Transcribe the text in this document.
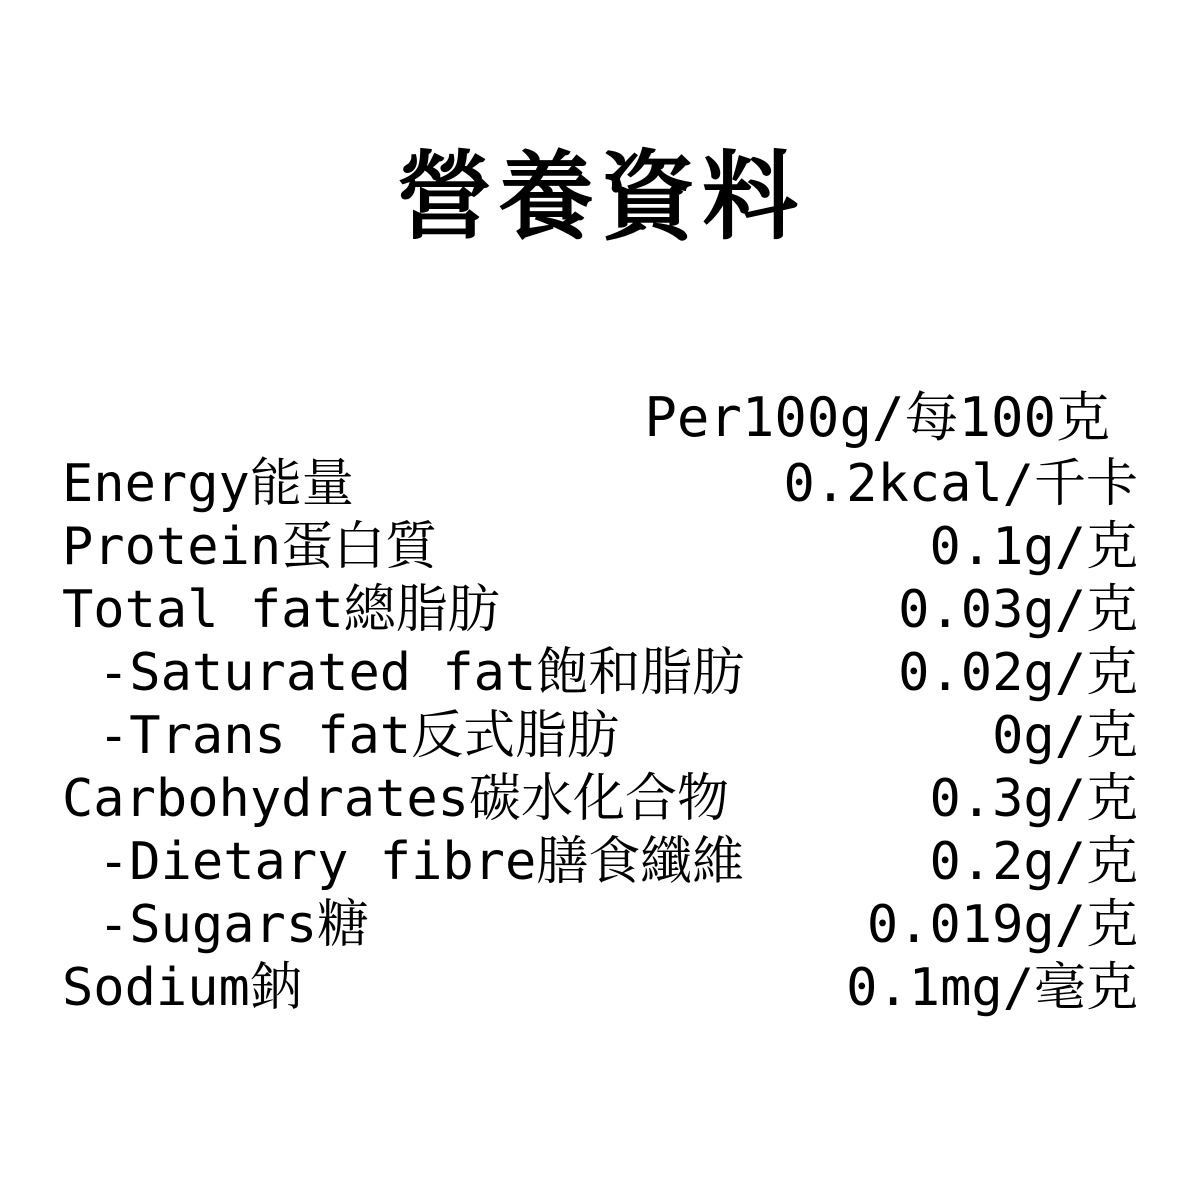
營養資料
Per100g/每100克
Energy能量	0.2kcal/千卡
Protein蛋白質	0.1g/克
Total fat總脂肪	0.03g/克
-Saturated fat飽和脂肪	0.02g/克
-Trans fat反式脂肪	0g/克
Carbohydrates碳水化合物	0.3g/克
-Dietary fibre膳食纖維	0.2g/克
-Sugars糖	0.019g/克
Sodium鈉	0.1mg/毫克
